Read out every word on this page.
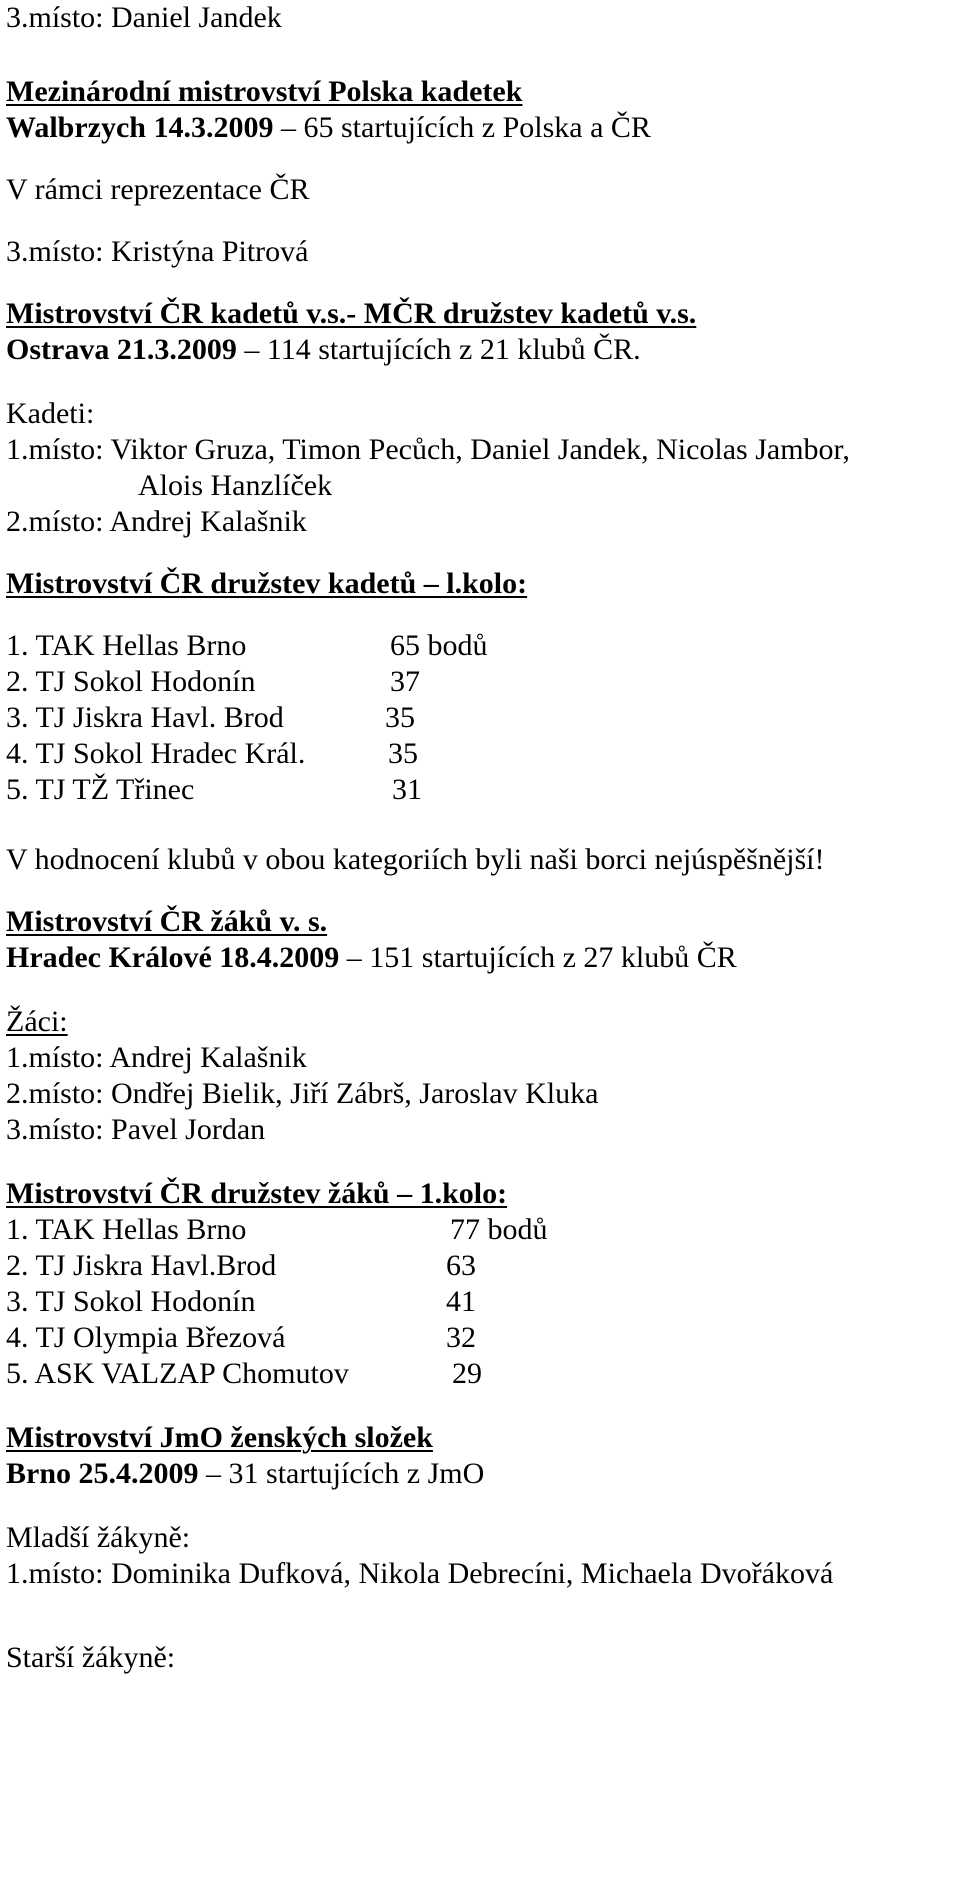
3.místo: Daniel Jandek
Mezinárodní mistrovství Polska kadetek
Walbrzych 14.3.2009 – 65 startujících z Polska a ČR
V rámci reprezentace ČR
3.místo: Kristýna Pitrová
Mistrovství ČR kadetů v.s.- MČR družstev kadetů v.s.
Ostrava 21.3.2009 – 114 startujících z 21 klubů ČR.
Kadeti:
1.místo: Viktor Gruza, Timon Pecůch, Daniel Jandek, Nicolas Jambor,
Alois Hanzlíček
2.místo: Andrej Kalašnik
Mistrovství ČR družstev kadetů – l.kolo:
1. TAK Hellas Brno	65 bodů
2. TJ Sokol Hodonín	37
3. TJ Jiskra Havl. Brod	35
4. TJ Sokol Hradec Král.	35
5. TJ TŽ Třinec	31
V hodnocení klubů v obou kategoriích byli naši borci nejúspěšnější!
Mistrovství ČR žáků v. s.
Hradec Králové 18.4.2009 – 151 startujících z 27 klubů ČR
Žáci:
1.místo: Andrej Kalašnik
2.místo: Ondřej Bielik, Jiří Zábrš, Jaroslav Kluka
3.místo: Pavel Jordan
Mistrovství ČR družstev žáků – 1.kolo:
1. TAK Hellas Brno	77 bodů
2. TJ Jiskra Havl.Brod	63
3. TJ Sokol Hodonín	41
4. TJ Olympia Březová	32
5. ASK VALZAP Chomutov	29
Mistrovství JmO ženských složek
Brno 25.4.2009 – 31 startujících z JmO
Mladší žákyně:
1.místo: Dominika Dufková, Nikola Debrecíni, Michaela Dvořáková
Starší žákyně:
